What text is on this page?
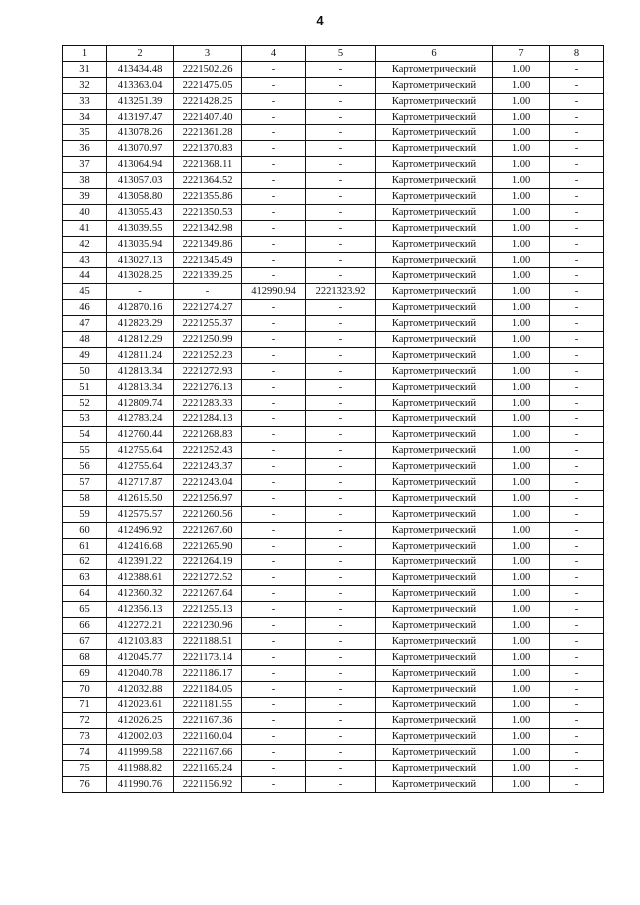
4
1	2	3	4	5	6	7	8
31	413434.48	2221502.26	-	-	Картометрический	1.00	-
32	413363.04	2221475.05	-	-	Картометрический	1.00	-
33	413251.39	2221428.25	-	-	Картометрический	1.00	-
34	413197.47	2221407.40	-	-	Картометрический	1.00	-
35	413078.26	2221361.28	-	-	Картометрический	1.00	-
36	413070.97	2221370.83	-	-	Картометрический	1.00	-
37	413064.94	2221368.11	-	-	Картометрический	1.00	-
38	413057.03	2221364.52	-	-	Картометрический	1.00	-
39	413058.80	2221355.86	-	-	Картометрический	1.00	-
40	413055.43	2221350.53	-	-	Картометрический	1.00	-
41	413039.55	2221342.98	-	-	Картометрический	1.00	-
42	413035.94	2221349.86	-	-	Картометрический	1.00	-
43	413027.13	2221345.49	-	-	Картометрический	1.00	-
44	413028.25	2221339.25	-	-	Картометрический	1.00	-
45	-	-	412990.94	2221323.92	Картометрический	1.00	-
46	412870.16	2221274.27	-	-	Картометрический	1.00	-
47	412823.29	2221255.37	-	-	Картометрический	1.00	-
48	412812.29	2221250.99	-	-	Картометрический	1.00	-
49	412811.24	2221252.23	-	-	Картометрический	1.00	-
50	412813.34	2221272.93	-	-	Картометрический	1.00	-
51	412813.34	2221276.13	-	-	Картометрический	1.00	-
52	412809.74	2221283.33	-	-	Картометрический	1.00	-
53	412783.24	2221284.13	-	-	Картометрический	1.00	-
54	412760.44	2221268.83	-	-	Картометрический	1.00	-
55	412755.64	2221252.43	-	-	Картометрический	1.00	-
56	412755.64	2221243.37	-	-	Картометрический	1.00	-
57	412717.87	2221243.04	-	-	Картометрический	1.00	-
58	412615.50	2221256.97	-	-	Картометрический	1.00	-
59	412575.57	2221260.56	-	-	Картометрический	1.00	-
60	412496.92	2221267.60	-	-	Картометрический	1.00	-
61	412416.68	2221265.90	-	-	Картометрический	1.00	-
62	412391.22	2221264.19	-	-	Картометрический	1.00	-
63	412388.61	2221272.52	-	-	Картометрический	1.00	-
64	412360.32	2221267.64	-	-	Картометрический	1.00	-
65	412356.13	2221255.13	-	-	Картометрический	1.00	-
66	412272.21	2221230.96	-	-	Картометрический	1.00	-
67	412103.83	2221188.51	-	-	Картометрический	1.00	-
68	412045.77	2221173.14	-	-	Картометрический	1.00	-
69	412040.78	2221186.17	-	-	Картометрический	1.00	-
70	412032.88	2221184.05	-	-	Картометрический	1.00	-
71	412023.61	2221181.55	-	-	Картометрический	1.00	-
72	412026.25	2221167.36	-	-	Картометрический	1.00	-
73	412002.03	2221160.04	-	-	Картометрический	1.00	-
74	411999.58	2221167.66	-	-	Картометрический	1.00	-
75	411988.82	2221165.24	-	-	Картометрический	1.00	-
76	411990.76	2221156.92	-	-	Картометрический	1.00	-
